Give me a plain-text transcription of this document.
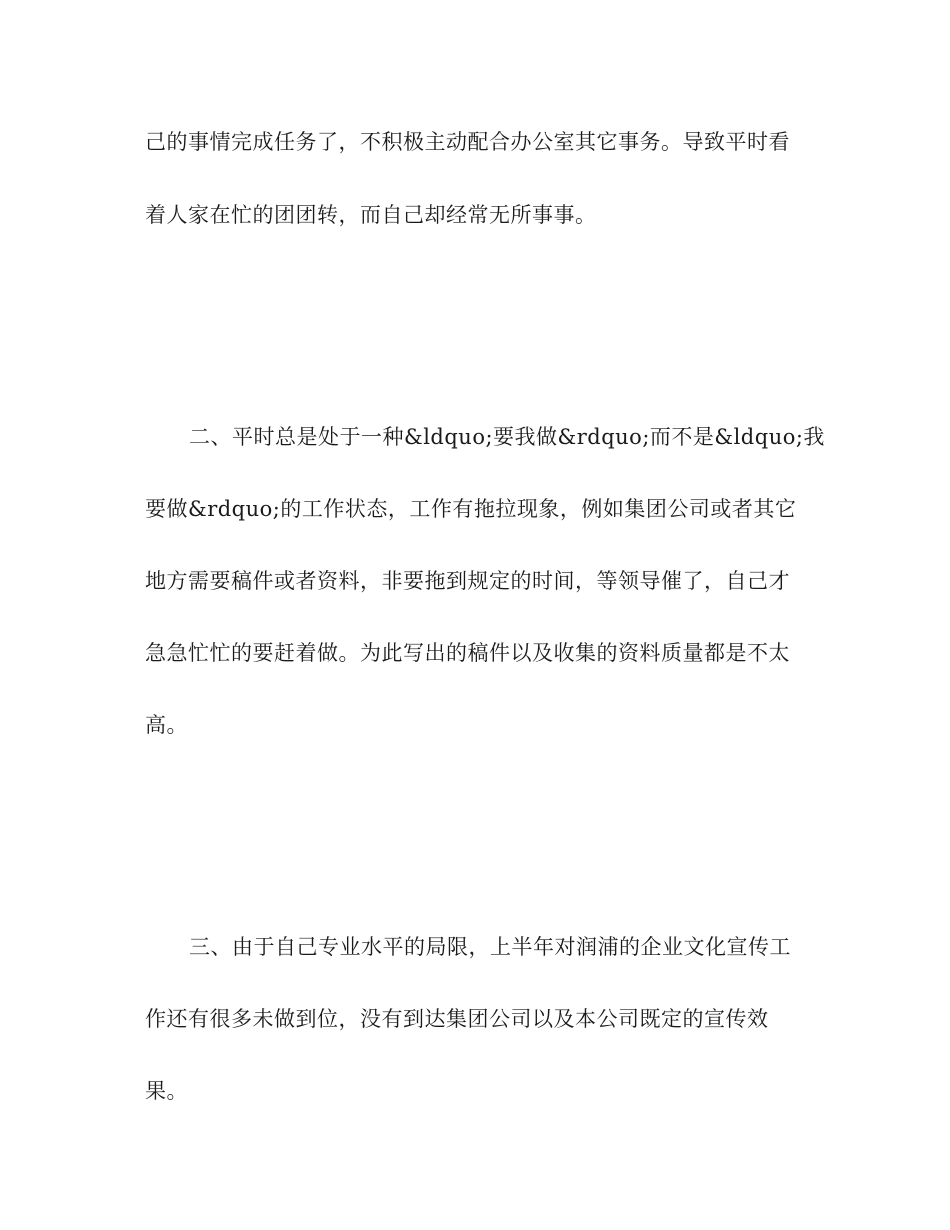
己的事情完成任务了，不积极主动配合办公室其它事务。导致平时看
着人家在忙的团团转，而自己却经常无所事事。
二、平时总是处于一种&ldquo;要我做&rdquo;而不是&ldquo;我
要做&rdquo;的工作状态，工作有拖拉现象，例如集团公司或者其它
地方需要稿件或者资料，非要拖到规定的时间，等领导催了，自己才
急急忙忙的要赶着做。为此写出的稿件以及收集的资料质量都是不太
高。
三、由于自己专业水平的局限，上半年对润浦的企业文化宣传工
作还有很多未做到位，没有到达集团公司以及本公司既定的宣传效
果。
